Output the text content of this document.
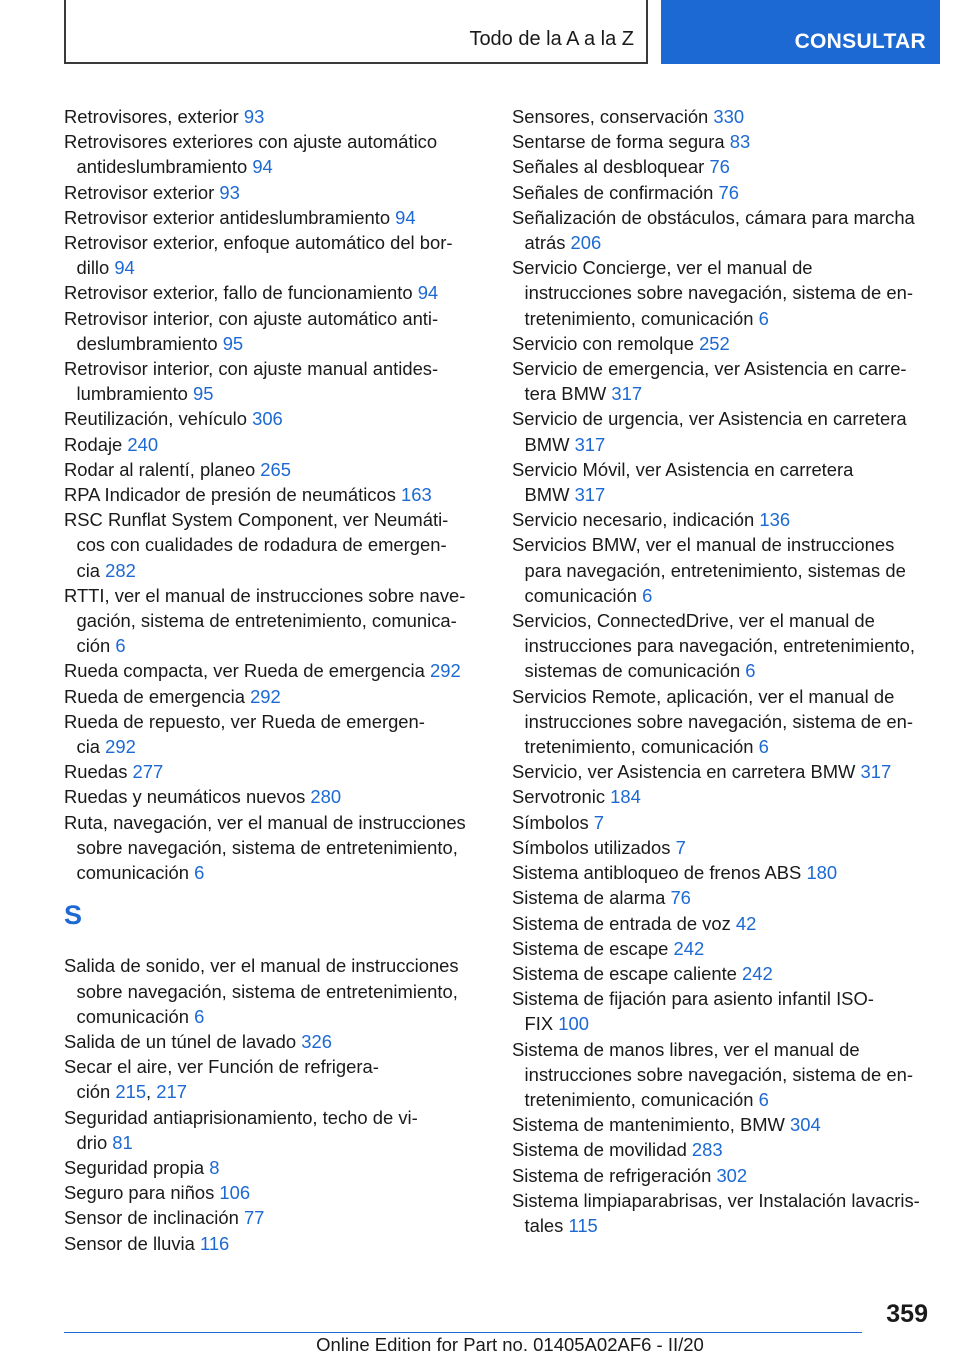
Todo de la A a la Z	CONSULTAR
Retrovisores, exterior 93
Retrovisores exteriores con ajuste automático
antideslumbramiento 94
Retrovisor exterior 93
Retrovisor exterior antideslumbramiento 94
Retrovisor exterior, enfoque automático del bor-
dillo 94
Retrovisor exterior, fallo de funcionamiento 94
Retrovisor interior, con ajuste automático anti-
deslumbramiento 95
Retrovisor interior, con ajuste manual antides-
lumbramiento 95
Reutilización, vehículo 306
Rodaje 240
Rodar al ralentí, planeo 265
RPA Indicador de presión de neumáticos 163
RSC Runflat System Component, ver Neumáti-
cos con cualidades de rodadura de emergen-
cia 282
RTTI, ver el manual de instrucciones sobre nave-
gación, sistema de entretenimiento, comunica-
ción 6
Rueda compacta, ver Rueda de emergencia 292
Rueda de emergencia 292
Rueda de repuesto, ver Rueda de emergen-
cia 292
Ruedas 277
Ruedas y neumáticos nuevos 280
Ruta, navegación, ver el manual de instrucciones
sobre navegación, sistema de entretenimiento,
comunicación 6
S
Salida de sonido, ver el manual de instrucciones
sobre navegación, sistema de entretenimiento,
comunicación 6
Salida de un túnel de lavado 326
Secar el aire, ver Función de refrigera-
ción 215, 217
Seguridad antiaprisionamiento, techo de vi-
drio 81
Seguridad propia 8
Seguro para niños 106
Sensor de inclinación 77
Sensor de lluvia 116
Sensores, conservación 330
Sentarse de forma segura 83
Señales al desbloquear 76
Señales de confirmación 76
Señalización de obstáculos, cámara para marcha
atrás 206
Servicio Concierge, ver el manual de
instrucciones sobre navegación, sistema de en-
tretenimiento, comunicación 6
Servicio con remolque 252
Servicio de emergencia, ver Asistencia en carre-
tera BMW 317
Servicio de urgencia, ver Asistencia en carretera
BMW 317
Servicio Móvil, ver Asistencia en carretera
BMW 317
Servicio necesario, indicación 136
Servicios BMW, ver el manual de instrucciones
para navegación, entretenimiento, sistemas de
comunicación 6
Servicios, ConnectedDrive, ver el manual de
instrucciones para navegación, entretenimiento,
sistemas de comunicación 6
Servicios Remote, aplicación, ver el manual de
instrucciones sobre navegación, sistema de en-
tretenimiento, comunicación 6
Servicio, ver Asistencia en carretera BMW 317
Servotronic 184
Símbolos 7
Símbolos utilizados 7
Sistema antibloqueo de frenos ABS 180
Sistema de alarma 76
Sistema de entrada de voz 42
Sistema de escape 242
Sistema de escape caliente 242
Sistema de fijación para asiento infantil ISO-
FIX 100
Sistema de manos libres, ver el manual de
instrucciones sobre navegación, sistema de en-
tretenimiento, comunicación 6
Sistema de mantenimiento, BMW 304
Sistema de movilidad 283
Sistema de refrigeración 302
Sistema limpiaparabrisas, ver Instalación lavacris-
tales 115
359
Online Edition for Part no. 01405A02AF6 - II/20
